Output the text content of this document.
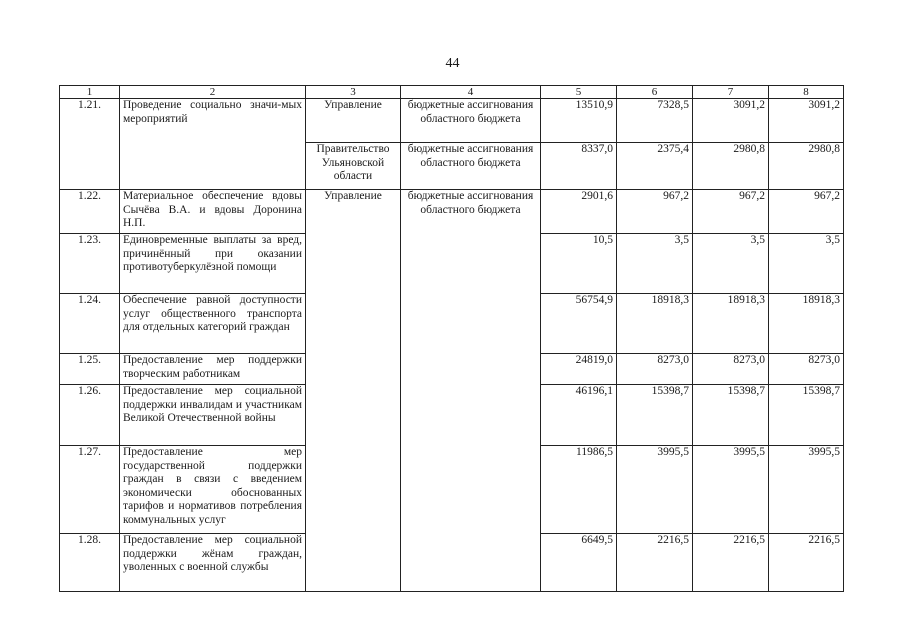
44
1	2	3	4	5	6	7	8
1.21.	Проведение социально значи-мых мероприятий	Управление	бюджетные ассигнования областного бюджета	13510,9	7328,5	3091,2	3091,2
		Правительство Ульяновской области	бюджетные ассигнования областного бюджета	8337,0	2375,4	2980,8	2980,8
1.22.	Материальное обеспечение вдовы Сычёва В.А. и вдовы Доронина Н.П.	Управление	бюджетные ассигнования областного бюджета	2901,6	967,2	967,2	967,2
1.23.	Единовременные выплаты за вред, причинённый при оказании противотуберкулёзной помощи			10,5	3,5	3,5	3,5
1.24.	Обеспечение равной доступности услуг общественного транспорта для отдельных категорий граждан			56754,9	18918,3	18918,3	18918,3
1.25.	Предоставление мер поддержки творческим работникам			24819,0	8273,0	8273,0	8273,0
1.26.	Предоставление мер социальной поддержки инвалидам и участникам Великой Отечественной войны			46196,1	15398,7	15398,7	15398,7
1.27.	Предоставление мер государственной поддержки граждан в связи с введением экономически обоснованных тарифов и нормативов потребления коммунальных услуг			11986,5	3995,5	3995,5	3995,5
1.28.	Предоставление мер социальной поддержки жёнам граждан, уволенных с военной службы			6649,5	2216,5	2216,5	2216,5
